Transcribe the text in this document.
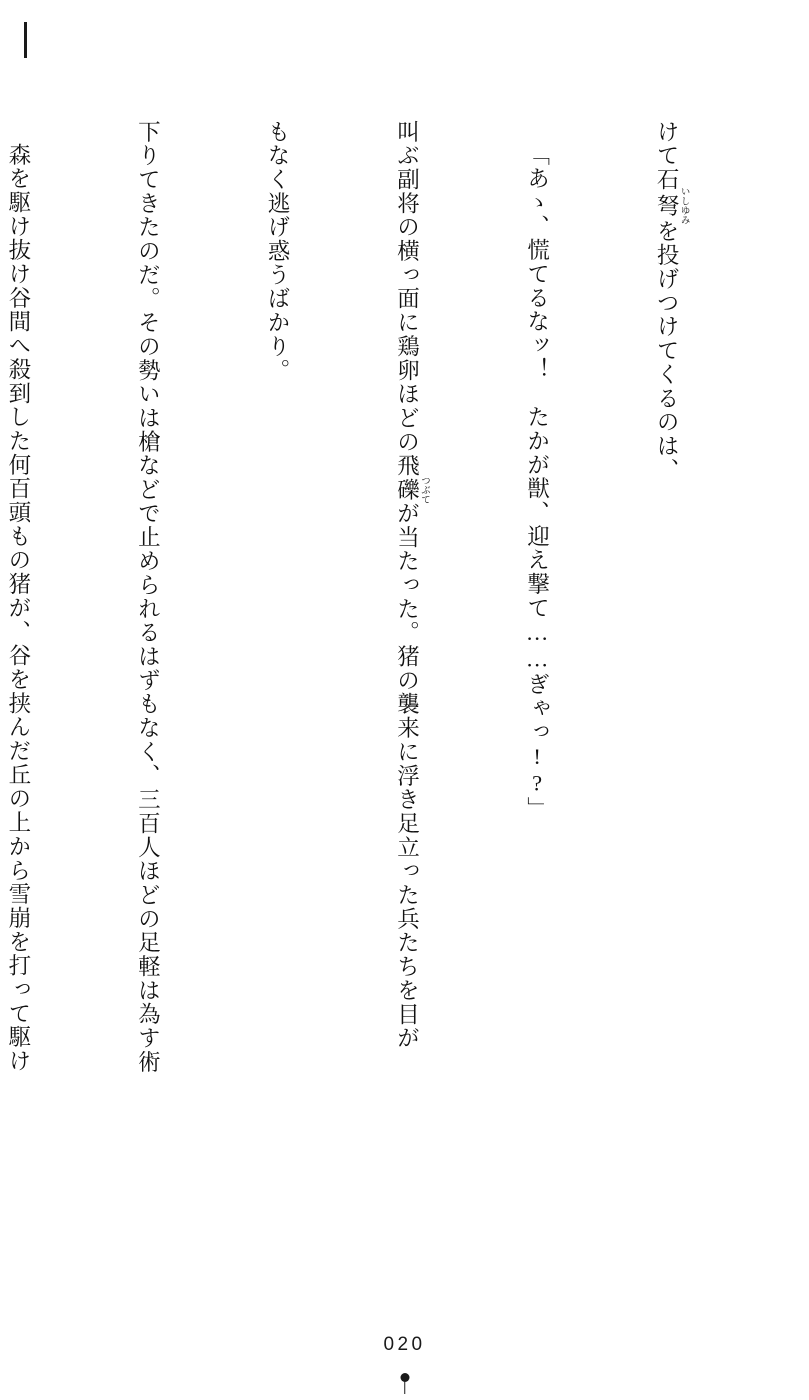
けて石弩 いしゆみを投げつけてくるのは、

「あゝ、慌てるなッ！　たかが獣、迎え撃て……ぎゃっ!?」

叫ぶ副将の横っ面に鶏卵ほどの飛礫 つぶてが当たった。猪の襲来に浮き足立った兵たちを目が

もなく逃げ惑うばかり。

下りてきたのだ。その勢いは槍などで止められるはずもなく、三百人ほどの足軽は為す術

森を駆け抜け谷間へ殺到した何百頭もの猪が、谷を挟んだ丘の上から雪崩を打って駆け

020
